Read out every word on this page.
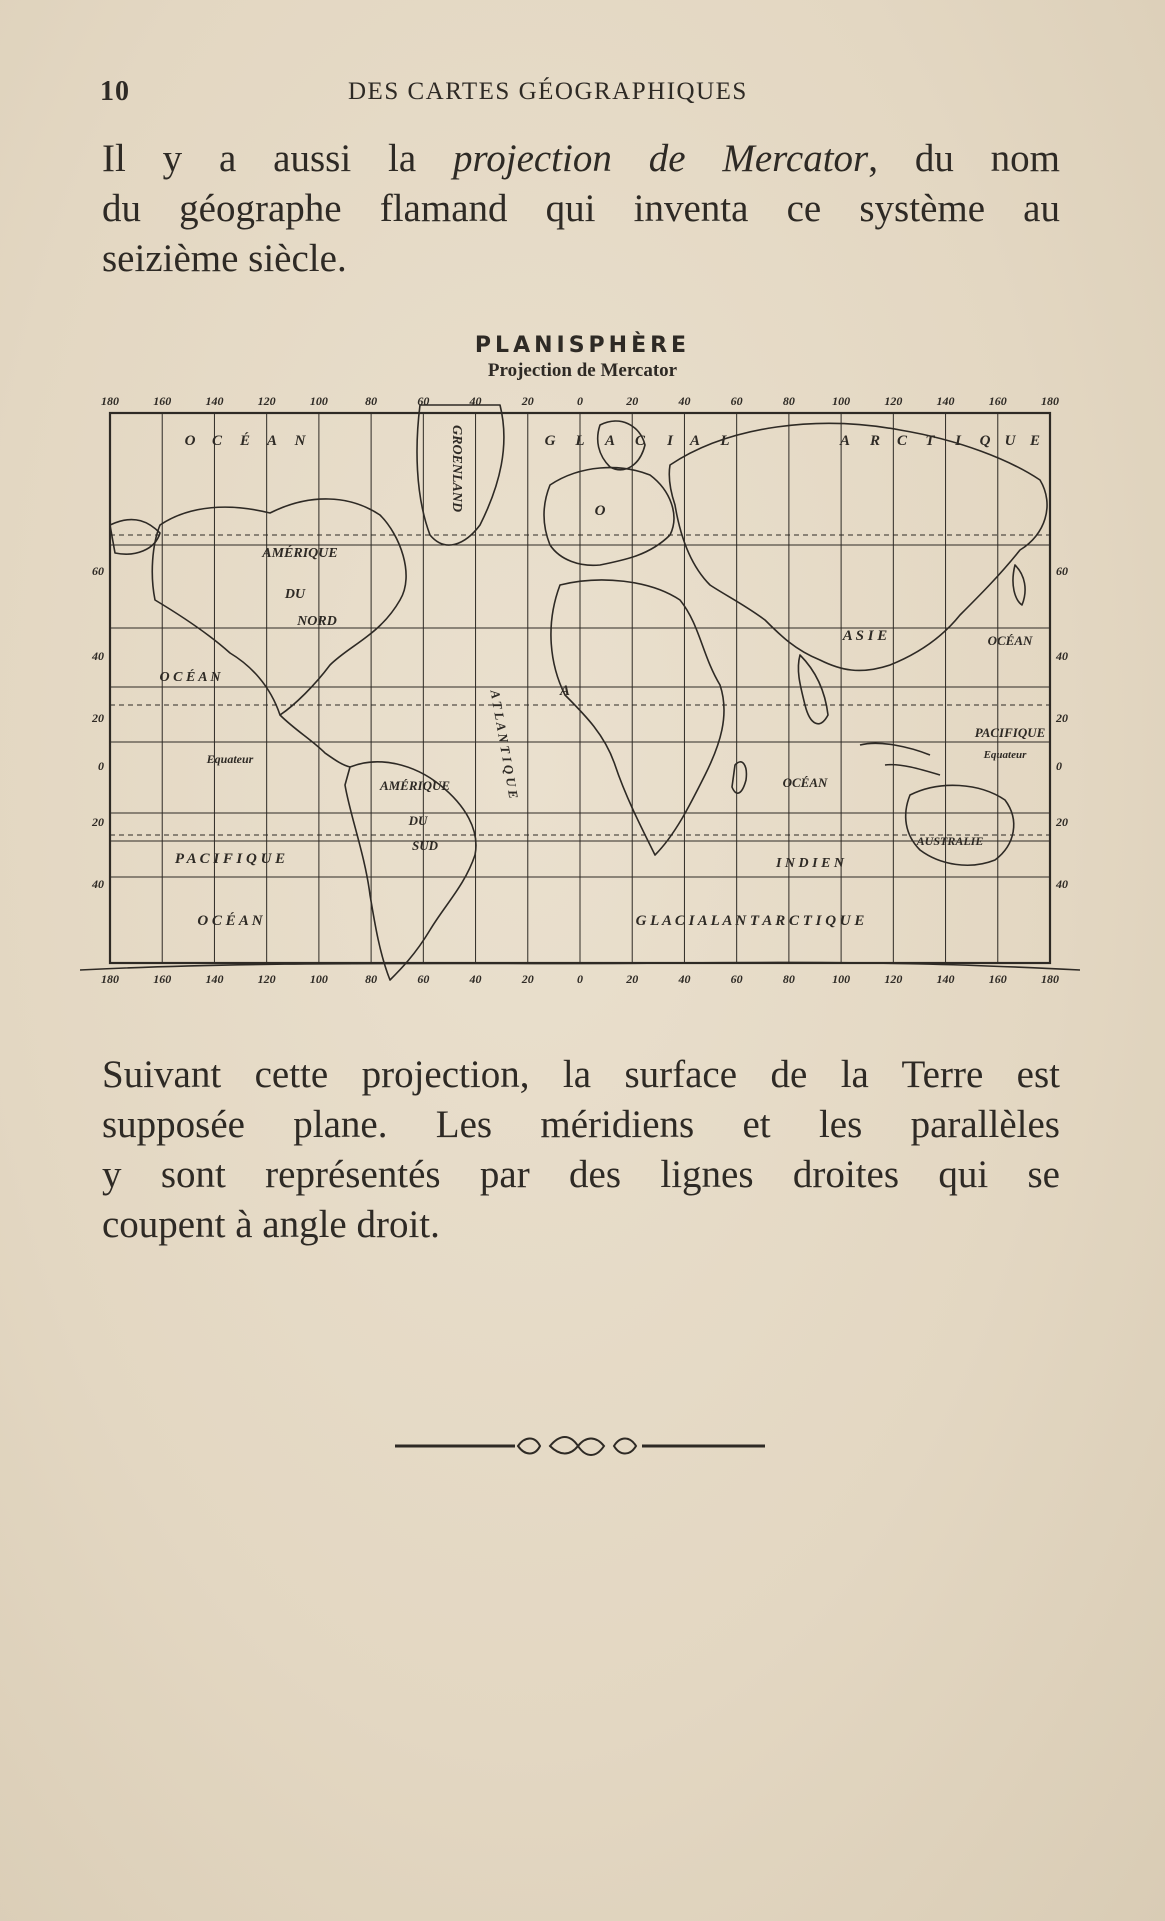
10	DES CARTES GÉOGRAPHIQUES

Il y a aussi la projection de Mercator, du nom
du géographe flamand qui inventa ce système au
seizième siècle.

PLANISPHÈRE
Projection de Mercator
O C É A N	G L A C I A L	A R C T I Q U E
GROENLAND
AMÉRIQUE
DU
NORD
O C É A N
A T L A N T I Q U E
Equateur
AMÉRIQUE
DU
SUD
P A C I F I Q U E
A S I E	OCÉAN
PACIFIQUE
Equateur
OCÉAN
I N D I E N
AUSTRALIE
O C É A N	G L A C I A L A N T A R C T I Q U E
O
A
180	160	140	120	100	80	60	40	20	0	20	40	60	80	100	120	140	160	180
180	160	140	120	100	80	60	40	20	0	20	40	60	80	100	120	140	160	180
60	60
40	40
20	20
0	0
20	20
40	40

Suivant cette projection, la surface de la Terre est
supposée plane. Les méridiens et les parallèles
y sont représentés par des lignes droites qui se
coupent à angle droit.
